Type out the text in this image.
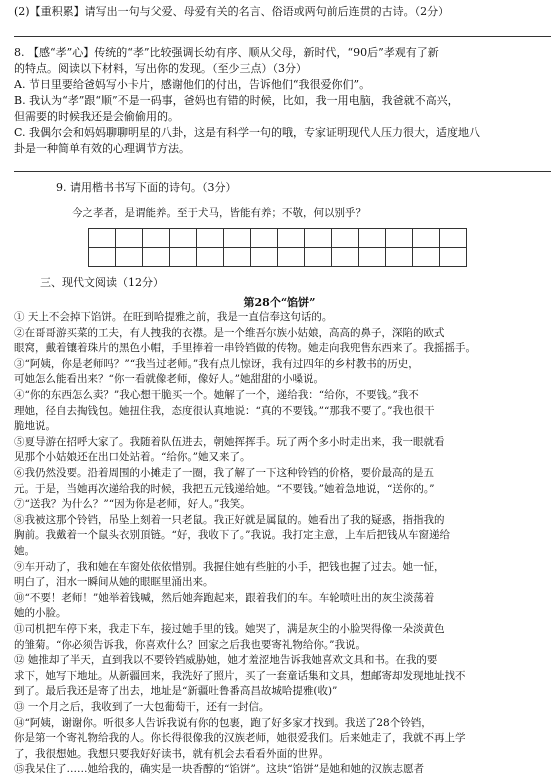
(2)【重积累】请写出一句与父爱、母爱有关的名言、俗语或两句前后连贯的古诗。（2分）
8. 【感“孝”心】传统的“孝”比较强调长幼有序、顺从父母，新时代，“90后”孝观有了新
的特点。阅读以下材料，写出你的发现。（至少三点）（3分）
A. 节日里要给爸妈写小卡片，感谢他们的付出，告诉他们“我很爱你们”。
B. 我认为“孝”跟“顺”不是一码事，爸妈也有错的时候，比如，我一用电脑，我爸就不高兴，
但需要的时候我还是会偷偷用的。
C. 我偶尔会和妈妈聊聊明星的八卦，这是有科学一句的哦，专家证明现代人压力很大，适度地八
卦是一种简单有效的心理调节方法。
9. 请用楷书书写下面的诗句。（3分）
今之孝者，是谓能养。至于犬马，皆能有养；不敬，何以别乎？

三、现代文阅读（12分）
第28个“馅饼”
① 天上不会掉下馅饼。在旺到哈提雅之前，我是一直信奉这句话的。
②在哥哥游买菜的工夫，有人拽我的衣襟。是一个维吾尔族小姑娘，高高的鼻子，深陷的欧式
眼窝，戴着镶着珠片的黑色小帽，手里捧着一串铃铛做的传物。她走向我兜售东西来了。我摇摇手。
③“阿姨，你是老师吗？”“我当过老师。”我有点儿惊讶，我有过四年的乡村教书的历史，
可她怎么能看出来？“你一看就像老师，像好人。”她甜甜的小嗓说。
④“你的东西怎么卖？”我心想干脆买一个。她解了一个，递给我：“给你，不要钱。”我不
理她，径自去掏钱包。她扭住我，态度很认真地说：“真的不要钱。”“那我不要了。”我也很干
脆地说。
⑤夏导游在招呼大家了。我随着队伍进去，朝她挥挥手。玩了两个多小时走出来，我一眼就看
见那个小姑娘还在出口处站着。“给你。”她又来了。
⑥我仍然没要。沿着周围的小摊走了一圈，我了解了一下这种铃铛的价格，要价最高的是五
元。于是，当她再次递给我的时候，我把五元钱递给她。“不要钱。”她着急地说，“送你的。”
⑦“送我？为什么？”“因为你是老师，好人。”我笑。
⑧我被这那个铃铛，吊坠上刻着一只老鼠。我正好就是属鼠的。她看出了我的疑惑，指指我的
胸前。我戴着一个鼠头衣别頂链。“好，我收下了。”我说。我打定主意，上车后把钱从车窗递给
她。
⑨车开动了，我和她在车窗处依依惜别。我握住她有些脏的小手，把钱也握了过去。她一怔，
明白了，泪水一瞬间从她的眼眶里涌出来。
⑩“不要！老师！”她举着钱喊，然后她奔跑起来，跟着我们的车。车轮喷吐出的灰尘淡荡着
她的小脸。
⑪司机把车停下来，我走下车，接过她手里的钱。她哭了，满是灰尘的小脸哭得像一朵淡黄色
的雏菊。“你必须告诉我，你喜欢什么？回家之后我也要寄礼物给你。”我说。
⑫ 她推却了半天，直到我以不要铃铛威胁她，她才羞涩地告诉我她喜欢文具和书。在我的要
求下，她写下地址。从新疆回来，我洗好了照片，买了一套童话集和文具，想邮寄却发现地址找不
到了。最后我还是寄了出去，地址是“新疆吐鲁番高昌故城哈提雅(收)”
⑬ 一个月之后，我收到了一大包葡萄干，还有一封信。
⑭“阿姨，谢谢你。听很多人告诉我说有你的包裹，跑了好多家才找到。我送了28个铃铛，
你是第一个寄礼物给我的人。你长得很像我的汉族老师，她很爱我们。后来她走了，我就不再上学
了，我很想她。我想只要我好好读书，就有机会去看看外面的世界。
⑮我呆住了……她给我的，确实是一块香醇的“馅饼”。这块“馅饼”是她和她的汉族志愿者
